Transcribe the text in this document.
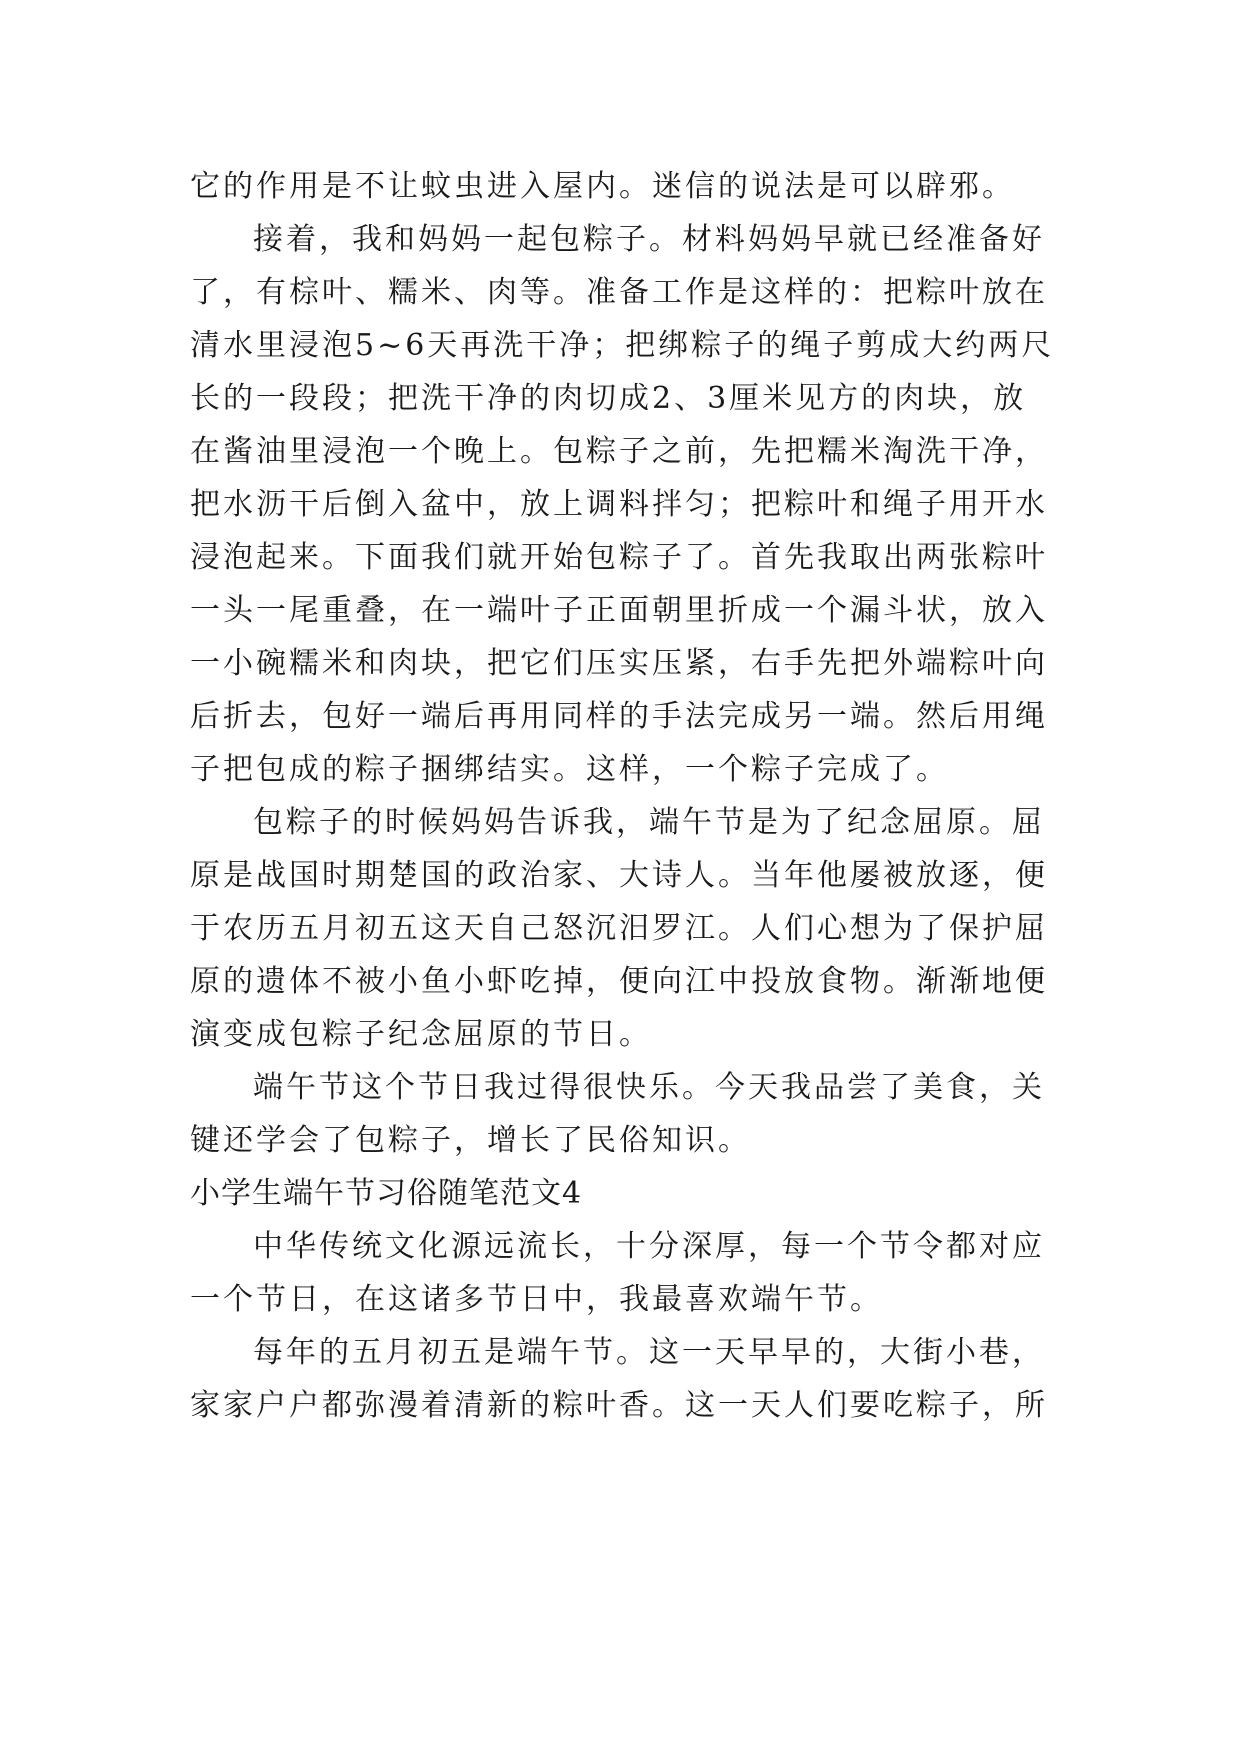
它的作用是不让蚊虫进入屋内。迷信的说法是可以辟邪。
接着，我和妈妈一起包粽子。材料妈妈早就已经准备好
了，有棕叶、糯米、肉等。准备工作是这样的：把粽叶放在
清水里浸泡5~6天再洗干净；把绑粽子的绳子剪成大约两尺
长的一段段；把洗干净的肉切成2、3厘米见方的肉块，放
在酱油里浸泡一个晚上。包粽子之前，先把糯米淘洗干净，
把水沥干后倒入盆中，放上调料拌匀；把粽叶和绳子用开水
浸泡起来。下面我们就开始包粽子了。首先我取出两张粽叶
一头一尾重叠，在一端叶子正面朝里折成一个漏斗状，放入
一小碗糯米和肉块，把它们压实压紧，右手先把外端粽叶向
后折去，包好一端后再用同样的手法完成另一端。然后用绳
子把包成的粽子捆绑结实。这样，一个粽子完成了。
包粽子的时候妈妈告诉我，端午节是为了纪念屈原。屈
原是战国时期楚国的政治家、大诗人。当年他屡被放逐，便
于农历五月初五这天自己怒沉汨罗江。人们心想为了保护屈
原的遗体不被小鱼小虾吃掉，便向江中投放食物。渐渐地便
演变成包粽子纪念屈原的节日。
端午节这个节日我过得很快乐。今天我品尝了美食，关
键还学会了包粽子，增长了民俗知识。
小学生端午节习俗随笔范文4
中华传统文化源远流长，十分深厚，每一个节令都对应
一个节日，在这诸多节日中，我最喜欢端午节。
每年的五月初五是端午节。这一天早早的，大街小巷，
家家户户都弥漫着清新的粽叶香。这一天人们要吃粽子，所
